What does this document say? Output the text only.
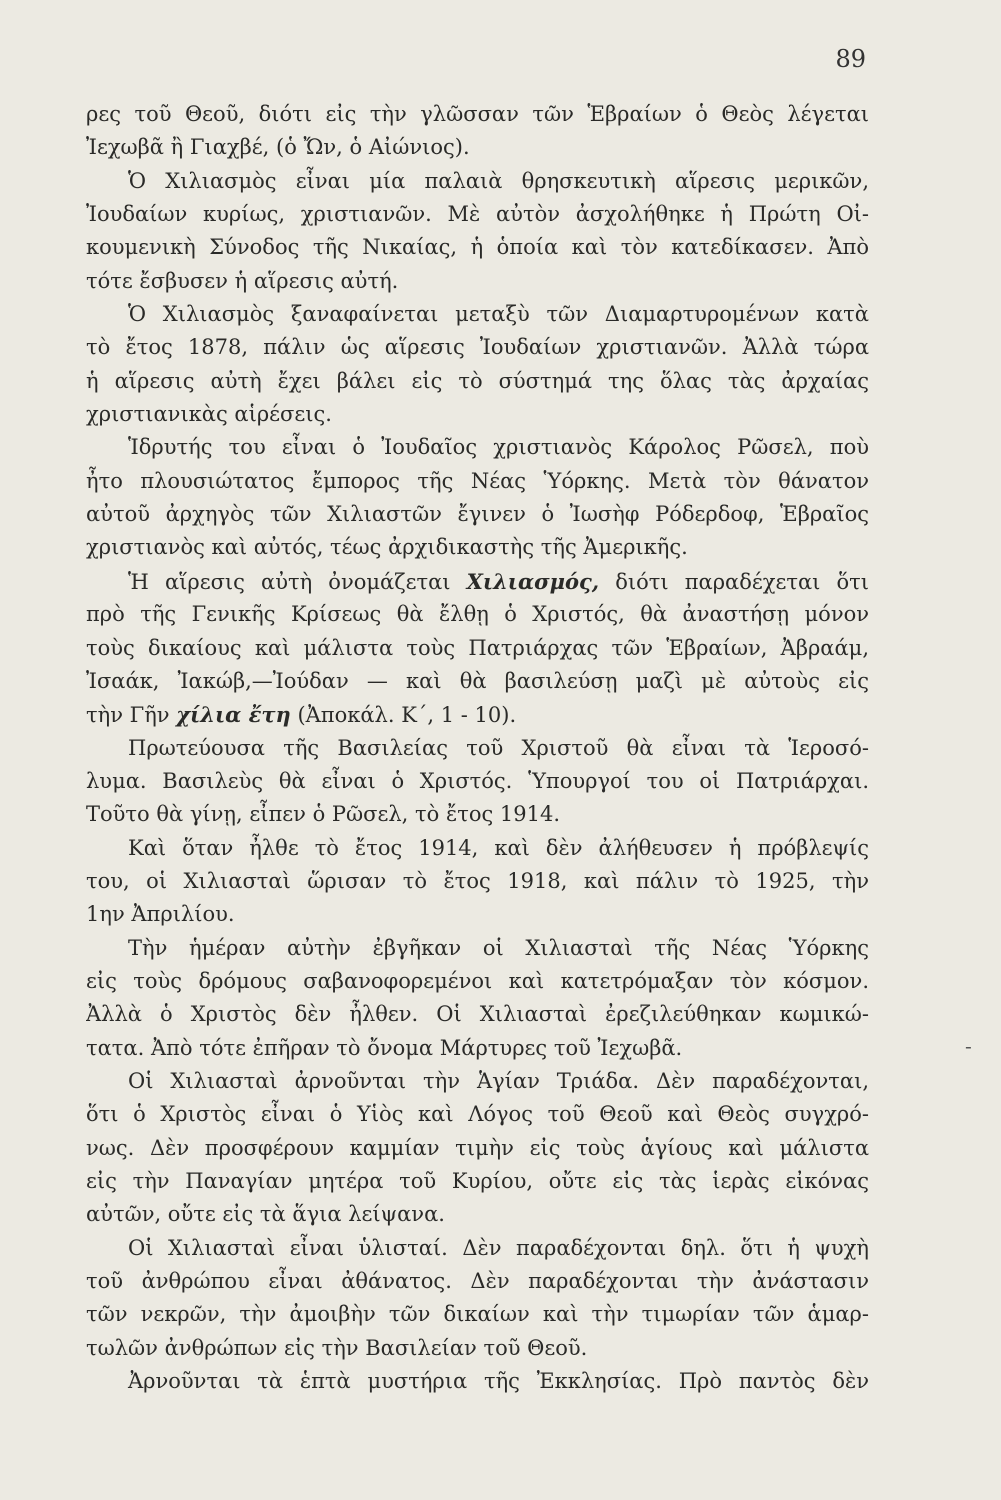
89
ρες τοῦ Θεοῦ, διότι εἰς τὴν γλῶσσαν τῶν Ἑβραίων ὁ Θεὸς λέγεται
Ἰεχωβᾶ ἢ Γιαχβέ, (ὁ Ὤν, ὁ Αἰώνιος).
Ὁ Χιλιασμὸς εἶναι μία παλαιὰ θρησκευτικὴ αἵρεσις μερικῶν,
Ἰουδαίων κυρίως, χριστιανῶν. Μὲ αὐτὸν ἀσχολήθηκε ἡ Πρώτη Οἰ-
κουμενικὴ Σύνοδος τῆς Νικαίας, ἡ ὁποία καὶ τὸν κατεδίκασεν. Ἀπὸ
τότε ἔσβυσεν ἡ αἵρεσις αὐτή.
Ὁ Χιλιασμὸς ξαναφαίνεται μεταξὺ τῶν Διαμαρτυρομένων κατὰ
τὸ ἔτος 1878, πάλιν ὡς αἵρεσις Ἰουδαίων χριστιανῶν. Ἀλλὰ τώρα
ἡ αἵρεσις αὐτὴ ἔχει βάλει εἰς τὸ σύστημά της ὅλας τὰς ἀρχαίας
χριστιανικὰς αἱρέσεις.
Ἱδρυτής του εἶναι ὁ Ἰουδαῖος χριστιανὸς Κάρολος Ρῶσελ, ποὺ
ἦτο πλουσιώτατος ἔμπορος τῆς Νέας Ὑόρκης. Μετὰ τὸν θάνατον
αὐτοῦ ἀρχηγὸς τῶν Χιλιαστῶν ἔγινεν ὁ Ἰωσὴφ Ρόδερδοφ, Ἑβραῖος
χριστιανὸς καὶ αὐτός, τέως ἀρχιδικαστὴς τῆς Ἀμερικῆς.
Ἡ αἵρεσις αὐτὴ ὀνομάζεται Χιλιασμός, διότι παραδέχεται ὅτι
πρὸ τῆς Γενικῆς Κρίσεως θὰ ἔλθῃ ὁ Χριστός, θὰ ἀναστήσῃ μόνον
τοὺς δικαίους καὶ μάλιστα τοὺς Πατριάρχας τῶν Ἑβραίων, Ἀβραάμ,
Ἰσαάκ, Ἰακώβ,—Ἰούδαν — καὶ θὰ βασιλεύσῃ μαζὶ μὲ αὐτοὺς εἰς
τὴν Γῆν χίλια ἔτη (Ἀποκάλ. Κ΄, 1 - 10).
Πρωτεύουσα τῆς Βασιλείας τοῦ Χριστοῦ θὰ εἶναι τὰ Ἱεροσό-
λυμα. Βασιλεὺς θὰ εἶναι ὁ Χριστός. Ὑπουργοί του οἱ Πατριάρχαι.
Τοῦτο θὰ γίνῃ, εἶπεν ὁ Ρῶσελ, τὸ ἔτος 1914.
Καὶ ὅταν ἦλθε τὸ ἔτος 1914, καὶ δὲν ἀλήθευσεν ἡ πρόβλεψίς
του, οἱ Χιλιασταὶ ὥρισαν τὸ ἔτος 1918, καὶ πάλιν τὸ 1925, τὴν
1ην Ἀπριλίου.
Τὴν ἡμέραν αὐτὴν ἐβγῆκαν οἱ Χιλιασταὶ τῆς Νέας Ὑόρκης
εἰς τοὺς δρόμους σαβανοφορεμένοι καὶ κατετρόμαξαν τὸν κόσμον.
Ἀλλὰ ὁ Χριστὸς δὲν ἦλθεν. Οἱ Χιλιασταὶ ἐρεζιλεύθηκαν κωμικώ-
τατα. Ἀπὸ τότε ἐπῆραν τὸ ὄνομα Μάρτυρες τοῦ Ἰεχωβᾶ.
Οἱ Χιλιασταὶ ἀρνοῦνται τὴν Ἁγίαν Τριάδα. Δὲν παραδέχονται,
ὅτι ὁ Χριστὸς εἶναι ὁ Υἱὸς καὶ Λόγος τοῦ Θεοῦ καὶ Θεὸς συγχρό-
νως. Δὲν προσφέρουν καμμίαν τιμὴν εἰς τοὺς ἁγίους καὶ μάλιστα
εἰς τὴν Παναγίαν μητέρα τοῦ Κυρίου, οὔτε εἰς τὰς ἱερὰς εἰκόνας
αὐτῶν, οὔτε εἰς τὰ ἅγια λείψανα.
Οἱ Χιλιασταὶ εἶναι ὑλισταί. Δὲν παραδέχονται δηλ. ὅτι ἡ ψυχὴ
τοῦ ἀνθρώπου εἶναι ἀθάνατος. Δὲν παραδέχονται τὴν ἀνάστασιν
τῶν νεκρῶν, τὴν ἀμοιβὴν τῶν δικαίων καὶ τὴν τιμωρίαν τῶν ἁμαρ-
τωλῶν ἀνθρώπων εἰς τὴν Βασιλείαν τοῦ Θεοῦ.
Ἀρνοῦνται τὰ ἑπτὰ μυστήρια τῆς Ἐκκλησίας. Πρὸ παντὸς δὲν
-
